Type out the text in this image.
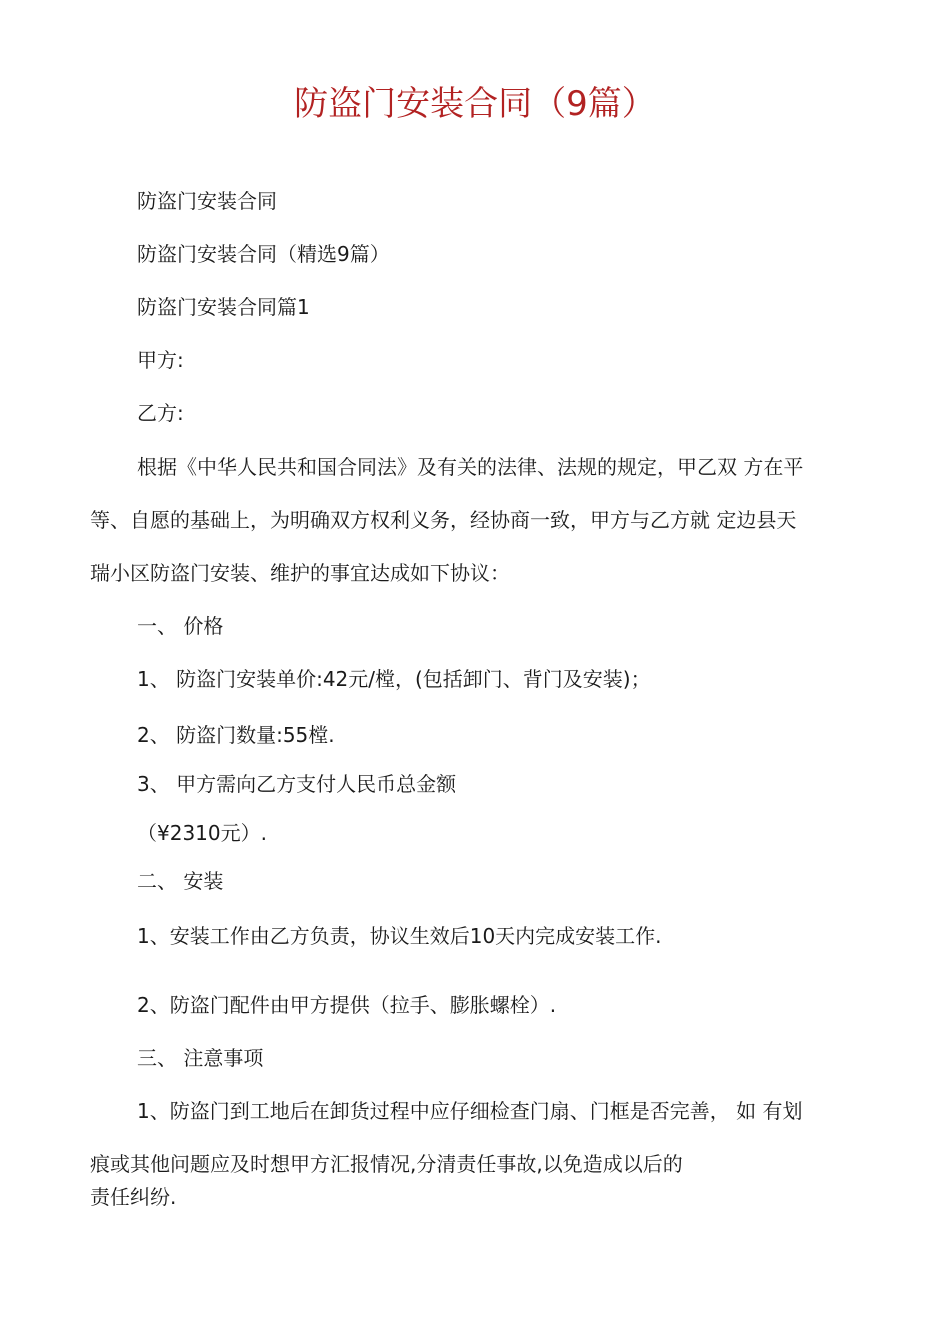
防盗门安装合同（9篇）
防盗门安装合同
防盗门安装合同（精选9篇）
防盗门安装合同篇1
甲方:
乙方:
根据《中华人民共和国合同法》及有关的法律、法规的规定，甲乙双 方在平
等、自愿的基础上，为明确双方权利义务，经协商一致，甲方与乙方就 定边县天
瑞小区防盗门安装、维护的事宜达成如下协议：
一、 价格
1、 防盗门安装单价:42元/樘，(包括卸门、背门及安装)；
2、 防盗门数量:55樘.
3、 甲方需向乙方支付人民币总金额
（¥2310元）.
二、 安装
1、安装工作由乙方负责，协议生效后10天内完成安装工作.
2、防盗门配件由甲方提供（拉手、膨胀螺栓）.
三、 注意事项
1、防盗门到工地后在卸货过程中应仔细检查门扇、门框是否完善， 如 有划
痕或其他问题应及时想甲方汇报情况,分清责任事故,以免造成以后的
责任纠纷.
